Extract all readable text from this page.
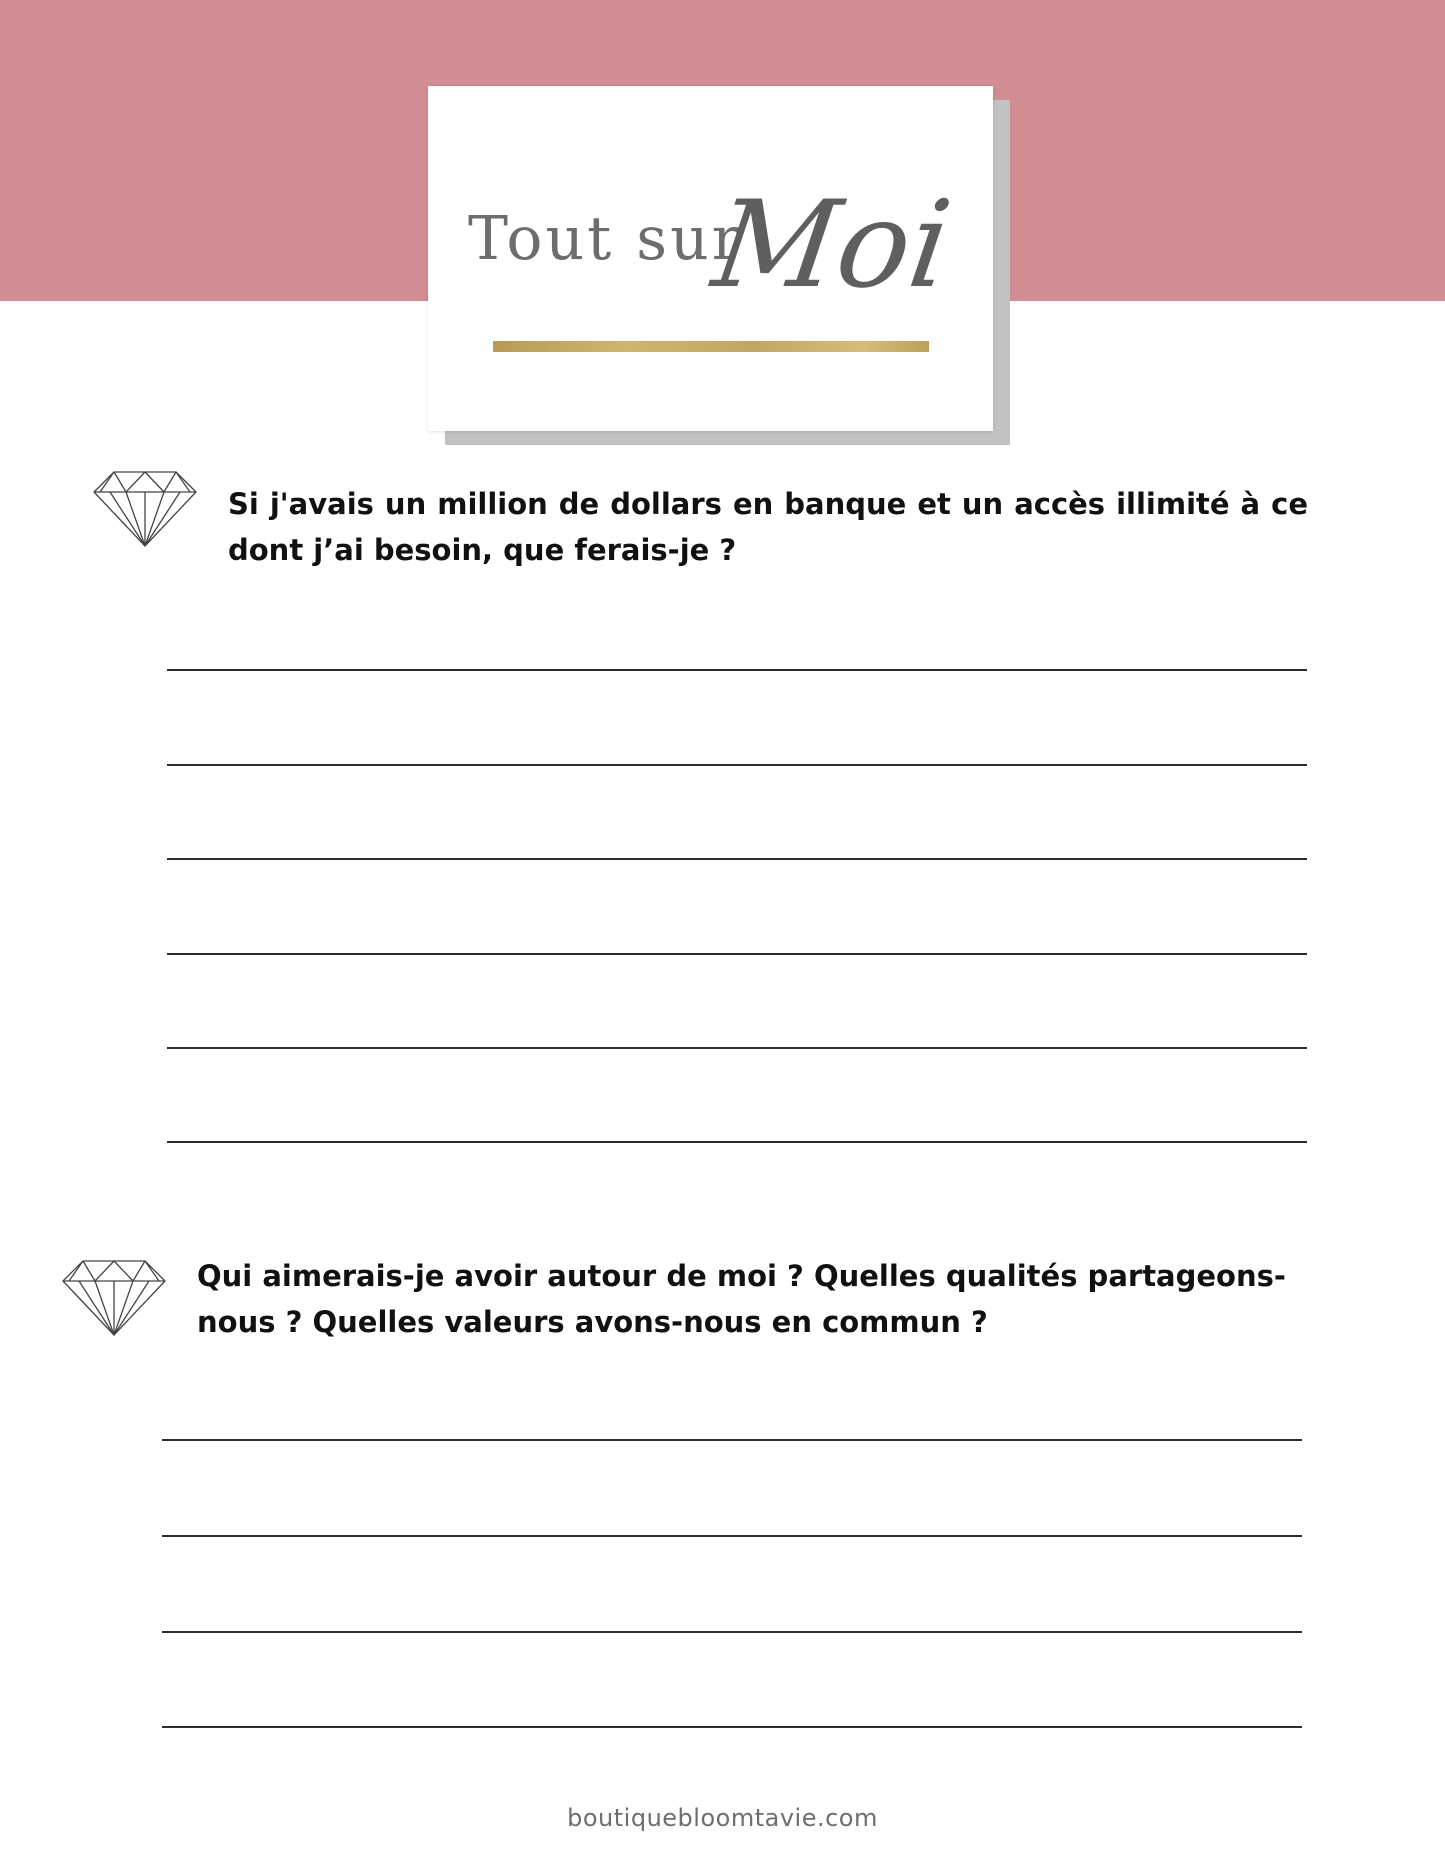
Tout sur
Moi
Si j'avais un million de dollars en banque et un accès illimité à ce dont j’ai besoin, que ferais-je ?
Qui aimerais-je avoir autour de moi ? Quelles qualités partageons-nous ? Quelles valeurs avons-nous en commun ?
boutiquebloomtavie.com
